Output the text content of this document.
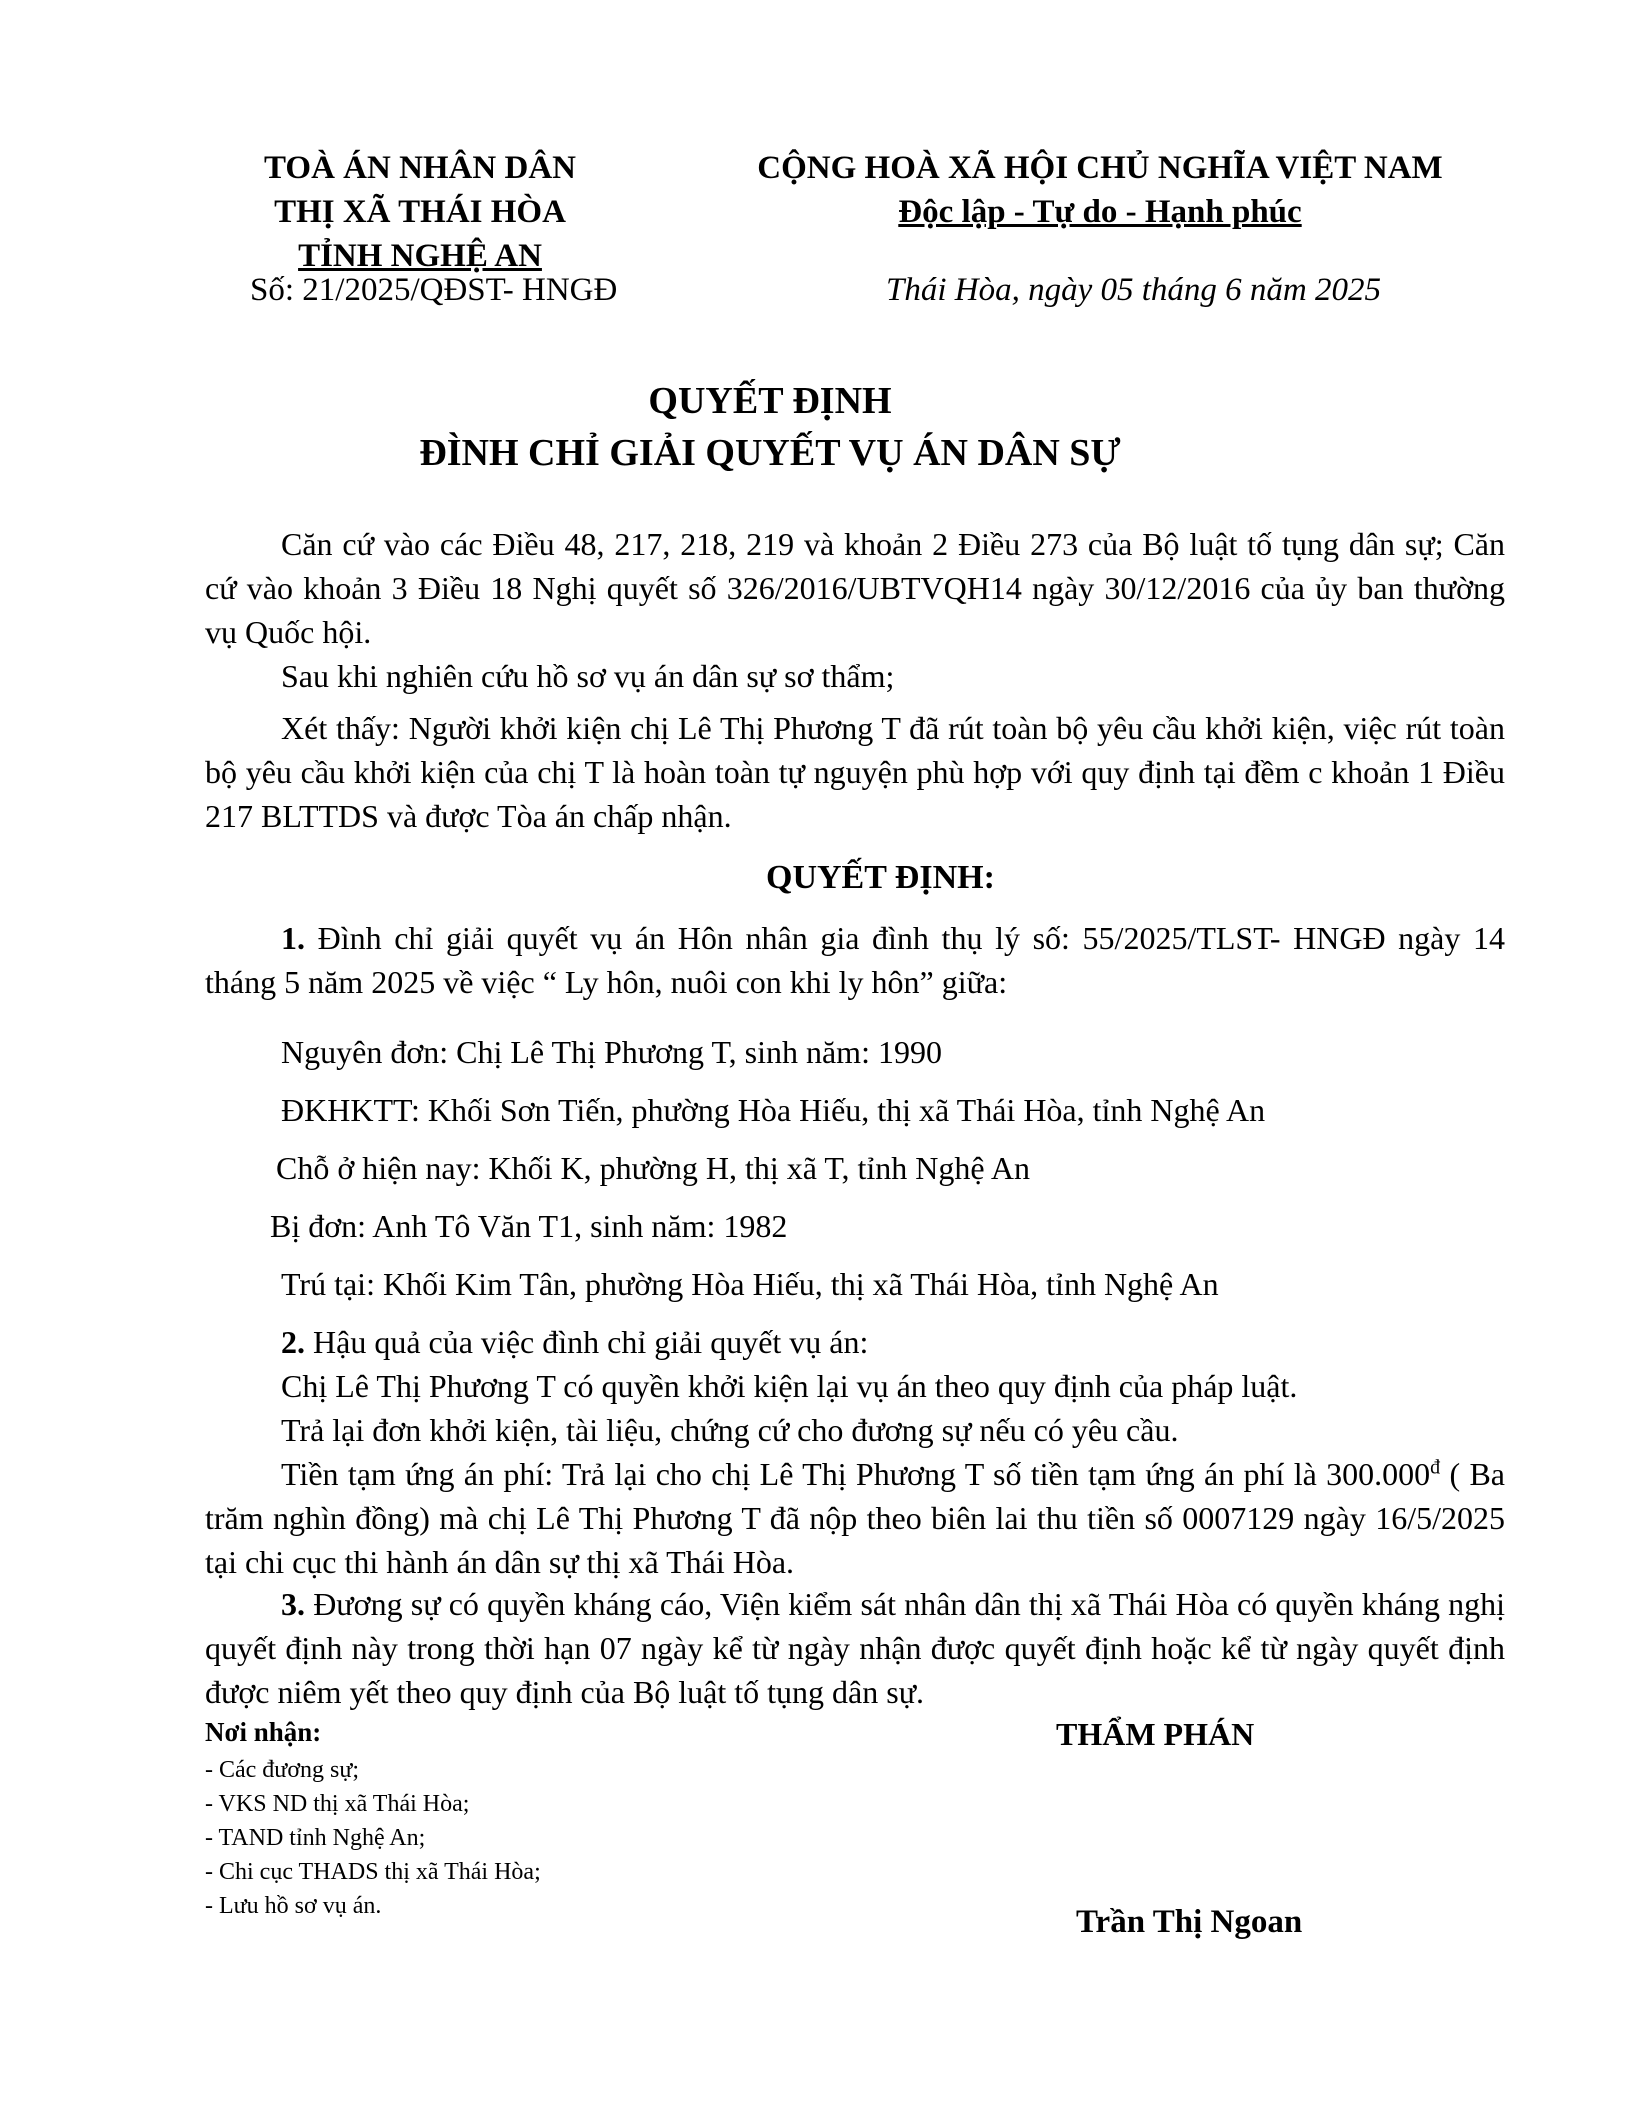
TOÀ ÁN NHÂN DÂN
THỊ XÃ THÁI HÒA
TỈNH NGHỆ AN
Số: 21/2025/QĐST- HNGĐ
CỘNG HOÀ XÃ HỘI CHỦ NGHĨA VIỆT NAM
Độc lập - Tự do - Hạnh phúc
Thái Hòa, ngày 05 tháng 6 năm 2025
QUYẾT ĐỊNH
ĐÌNH CHỈ GIẢI QUYẾT VỤ ÁN DÂN SỰ
Căn cứ vào các Điều 48, 217, 218, 219 và khoản 2 Điều 273 của Bộ luật tố tụng dân sự; Căn cứ vào khoản 3 Điều 18 Nghị quyết số 326/2016/UBTVQH14 ngày 30/12/2016 của ủy ban thường vụ Quốc hội.
Sau khi nghiên cứu hồ sơ vụ án dân sự sơ thẩm;
Xét thấy: Người khởi kiện chị Lê Thị Phương T đã rút toàn bộ yêu cầu khởi kiện, việc rút toàn bộ yêu cầu khởi kiện của chị T là hoàn toàn tự nguyện phù hợp với quy định tại đềm c khoản 1 Điều 217 BLTTDS và được Tòa án chấp nhận.
QUYẾT ĐỊNH:
1. Đình chỉ giải quyết vụ án Hôn nhân gia đình thụ lý số: 55/2025/TLST- HNGĐ ngày 14 tháng 5 năm 2025 về việc “ Ly hôn, nuôi con khi ly hôn” giữa:
Nguyên đơn: Chị Lê Thị Phương T, sinh năm: 1990
ĐKHKTT: Khối Sơn Tiến, phường Hòa Hiếu, thị xã Thái Hòa, tỉnh Nghệ An
Chỗ ở hiện nay: Khối K, phường H, thị xã T, tỉnh Nghệ An
Bị đơn: Anh Tô Văn T1, sinh năm: 1982
Trú tại: Khối Kim Tân, phường Hòa Hiếu, thị xã Thái Hòa, tỉnh Nghệ An
2. Hậu quả của việc đình chỉ giải quyết vụ án:
Chị Lê Thị Phương T có quyền khởi kiện lại vụ án theo quy định của pháp luật.
Trả lại đơn khởi kiện, tài liệu, chứng cứ cho đương sự nếu có yêu cầu.
Tiền tạm ứng án phí: Trả lại cho chị Lê Thị Phương T số tiền tạm ứng án phí là $300.000^đ$ ( Ba trăm nghìn đồng) mà chị Lê Thị Phương T đã nộp theo biên lai thu tiền số 0007129 ngày 16/5/2025 tại chi cục thi hành án dân sự thị xã Thái Hòa.
3. Đương sự có quyền kháng cáo, Viện kiểm sát nhân dân thị xã Thái Hòa có quyền kháng nghị quyết định này trong thời hạn 07 ngày kể từ ngày nhận được quyết định hoặc kể từ ngày quyết định được niêm yết theo quy định của Bộ luật tố tụng dân sự.
Nơi nhận:
- Các đương sự;
- VKS ND thị xã Thái Hòa;
- TAND tỉnh Nghệ An;
- Chi cục THADS thị xã Thái Hòa;
- Lưu hồ sơ vụ án.
THẨM PHÁN
Trần Thị Ngoan
